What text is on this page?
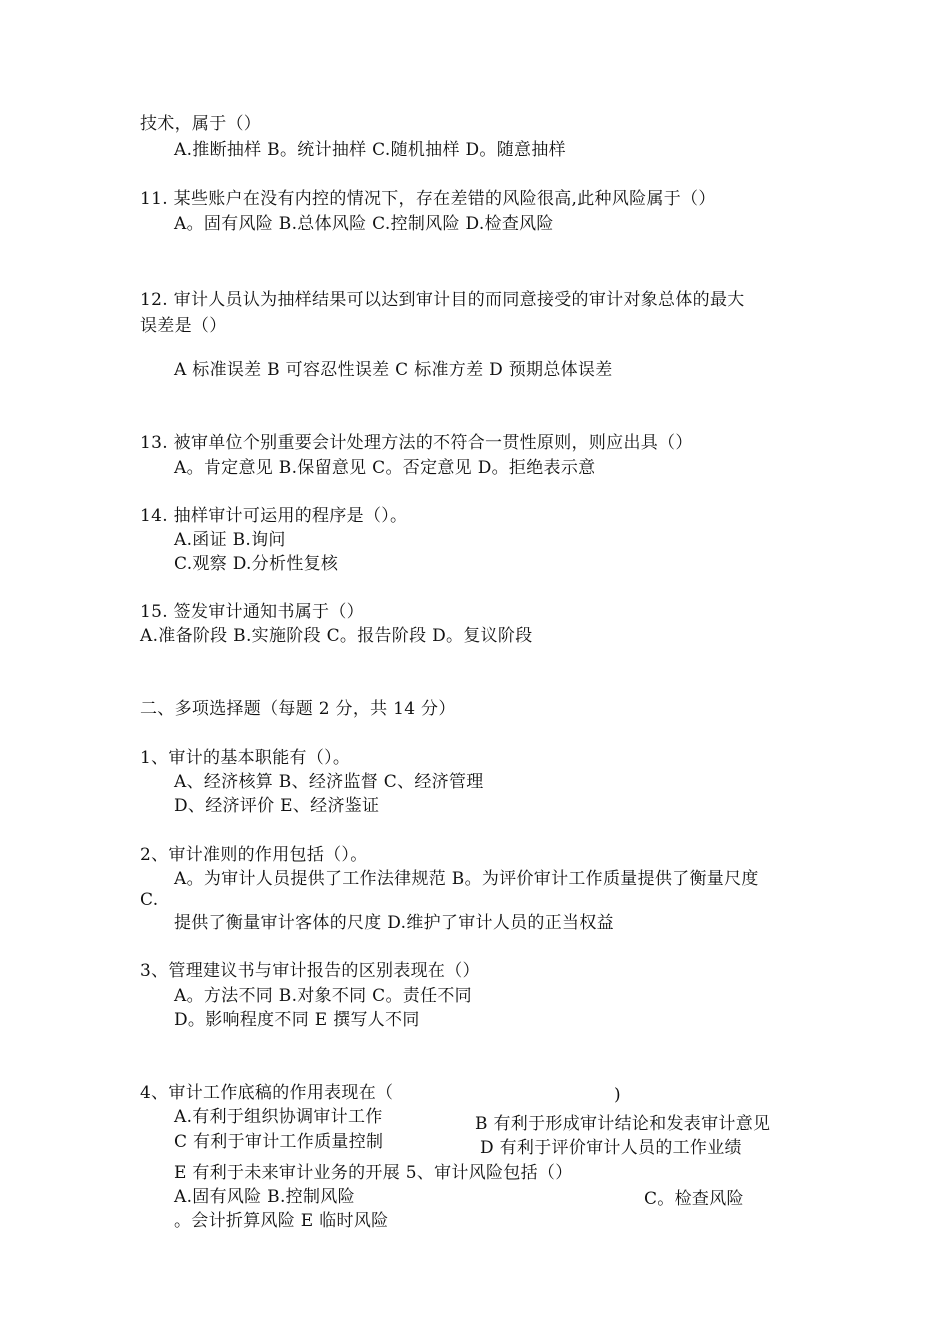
技术，属于（）
A.推断抽样 B。统计抽样 C.随机抽样 D。随意抽样
11. 某些账户在没有内控的情况下，存在差错的风险很高,此种风险属于（）
A。固有风险 B.总体风险 C.控制风险 D.检查风险
12. 审计人员认为抽样结果可以达到审计目的而同意接受的审计对象总体的最大
误差是（）
A 标准误差 B 可容忍性误差 C 标准方差 D 预期总体误差
13. 被审单位个别重要会计处理方法的不符合一贯性原则，则应出具（）
A。肯定意见 B.保留意见 C。否定意见 D。拒绝表示意
14. 抽样审计可运用的程序是（）。
A.函证 B.询问
C.观察 D.分析性复核
15. 签发审计通知书属于（）
A.准备阶段 B.实施阶段 C。报告阶段 D。复议阶段
二、多项选择题（每题 2 分，共 14 分）
1、审计的基本职能有（）。
A、经济核算 B、经济监督 C、经济管理
D、经济评价 E、经济鉴证
2、审计准则的作用包括（）。
A。为审计人员提供了工作法律规范 B。为评价审计工作质量提供了衡量尺度
C.
提供了衡量审计客体的尺度 D.维护了审计人员的正当权益
3、管理建议书与审计报告的区别表现在（）
A。方法不同 B.对象不同 C。责任不同
D。影响程度不同 E 撰写人不同
4、审计工作底稿的作用表现在（	)
A.有利于组织协调审计工作	B 有利于形成审计结论和发表审计意见
C 有利于审计工作质量控制	D 有利于评价审计人员的工作业绩
E 有利于未来审计业务的开展 5、审计风险包括（）
A.固有风险 B.控制风险	C。检查风险
。会计折算风险 E 临时风险
